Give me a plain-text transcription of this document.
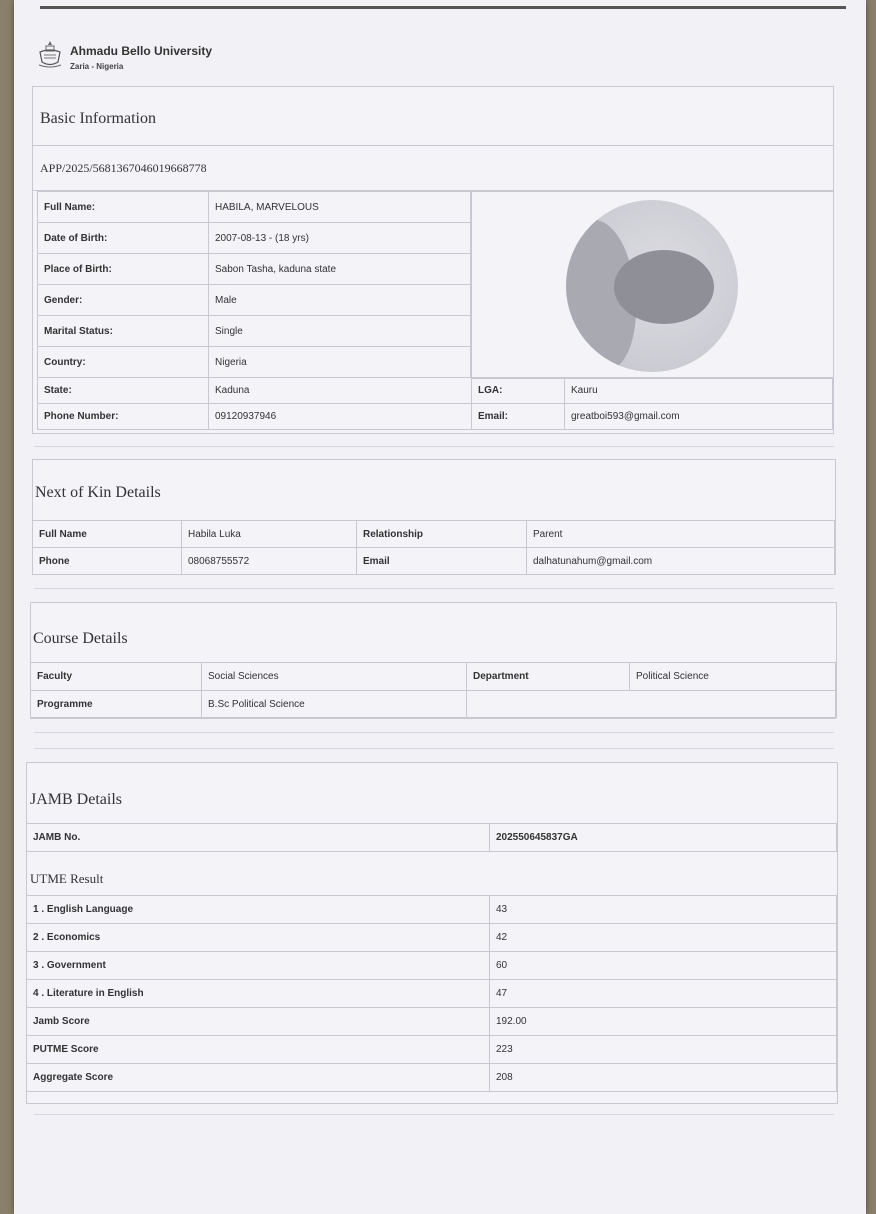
Ahmadu Bello University
Zaria - Nigeria
Basic Information
APP/2025/5681367046019668778
Full Name:	HABILA, MARVELOUS
Date of Birth:	2007-08-13 - (18 yrs)
Place of Birth:	Sabon Tasha, kaduna state
Gender:	Male
Marital Status:	Single
Country:	Nigeria
State:	Kaduna	LGA:	Kauru
Phone Number:	09120937946	Email:	greatboi593@gmail.com
Next of Kin Details
Full Name	Habila Luka	Relationship	Parent
Phone	08068755572	Email	dalhatunahum@gmail.com
Course Details
Faculty	Social Sciences	Department	Political Science
Programme	B.Sc Political Science		
JAMB Details
JAMB No.	202550645837GA
UTME Result
1 . English Language	43
2 . Economics	42
3 . Government	60
4 . Literature in English	47
Jamb Score	192.00
PUTME Score	223
Aggregate Score	208
